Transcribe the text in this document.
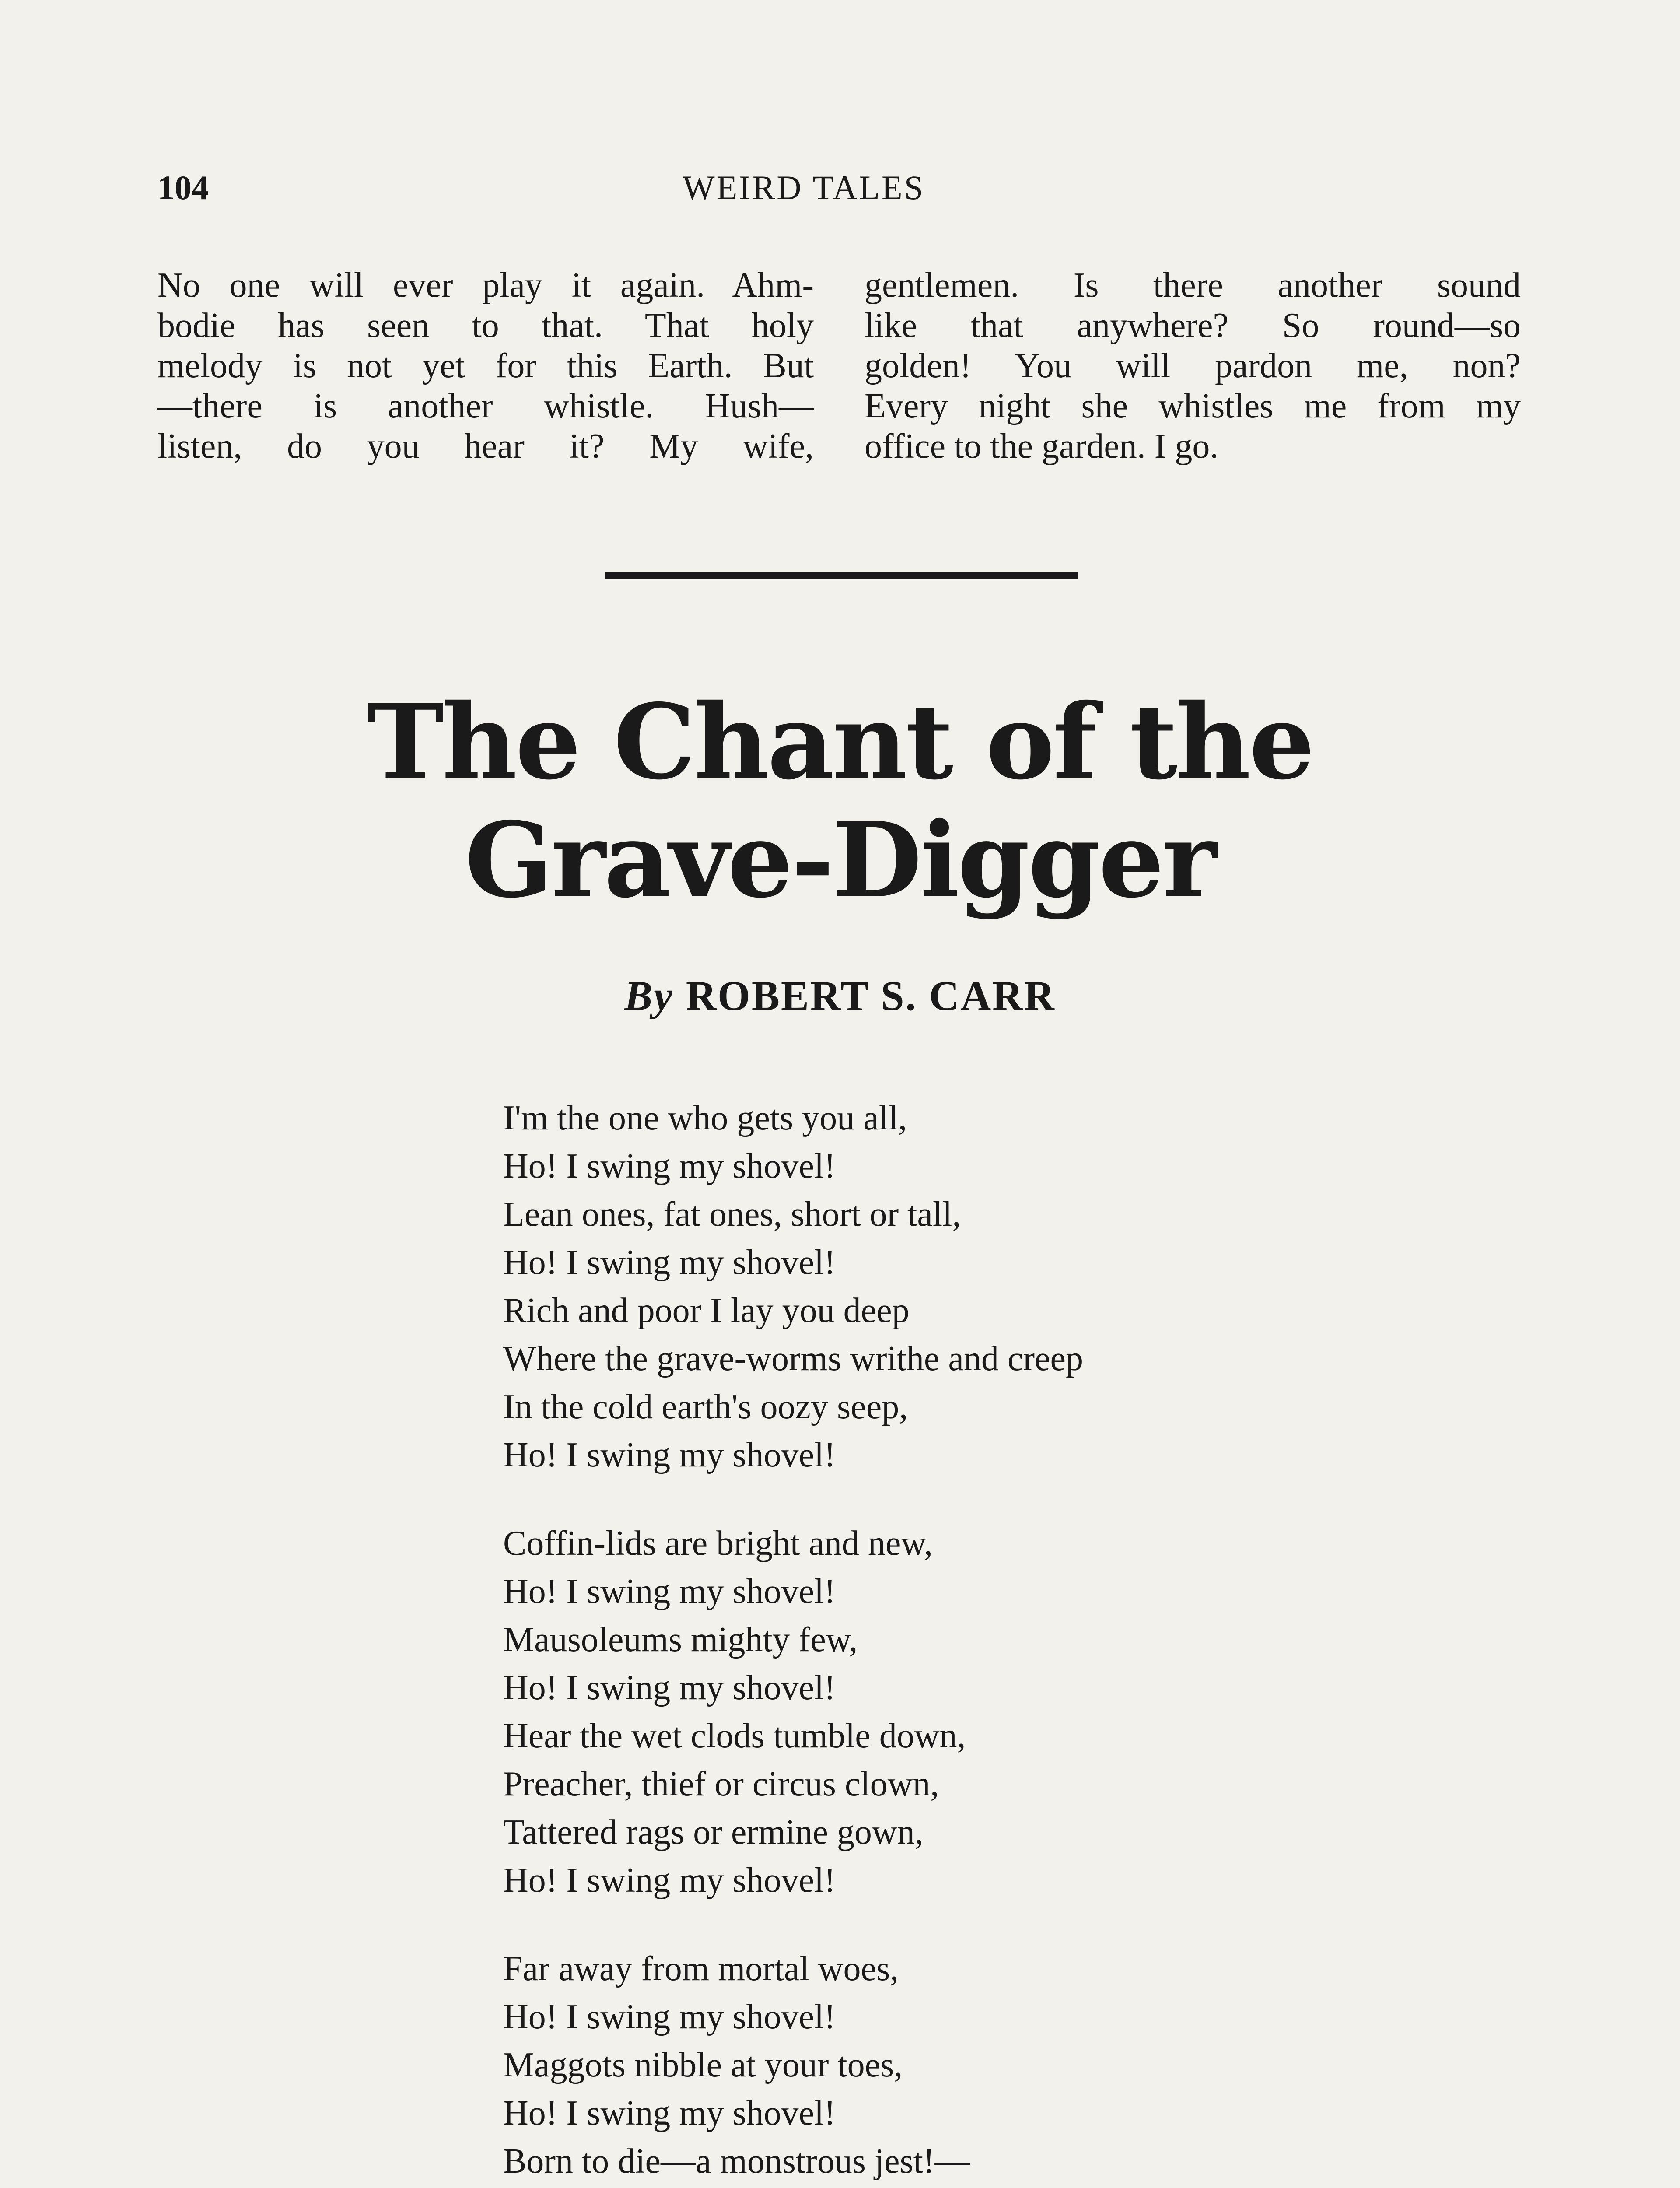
104	WEIRD TALES
No one will ever play it again. Ahm-
bodie has seen to that. That holy
melody is not yet for this Earth. But
—there is another whistle. Hush—
listen, do you hear it? My wife,
gentlemen. Is there another sound
like that anywhere? So round—so
golden! You will pardon me, non?
Every night she whistles me from my
office to the garden. I go.
The Chant of the
Grave-Digger
By ROBERT S. CARR
I'm the one who gets you all,
Ho! I swing my shovel!
Lean ones, fat ones, short or tall,
Ho! I swing my shovel!
Rich and poor I lay you deep
Where the grave-worms writhe and creep
In the cold earth's oozy seep,
Ho! I swing my shovel!
Coffin-lids are bright and new,
Ho! I swing my shovel!
Mausoleums mighty few,
Ho! I swing my shovel!
Hear the wet clods tumble down,
Preacher, thief or circus clown,
Tattered rags or ermine gown,
Ho! I swing my shovel!
Far away from mortal woes,
Ho! I swing my shovel!
Maggots nibble at your toes,
Ho! I swing my shovel!
Born to die—a monstrous jest!—
